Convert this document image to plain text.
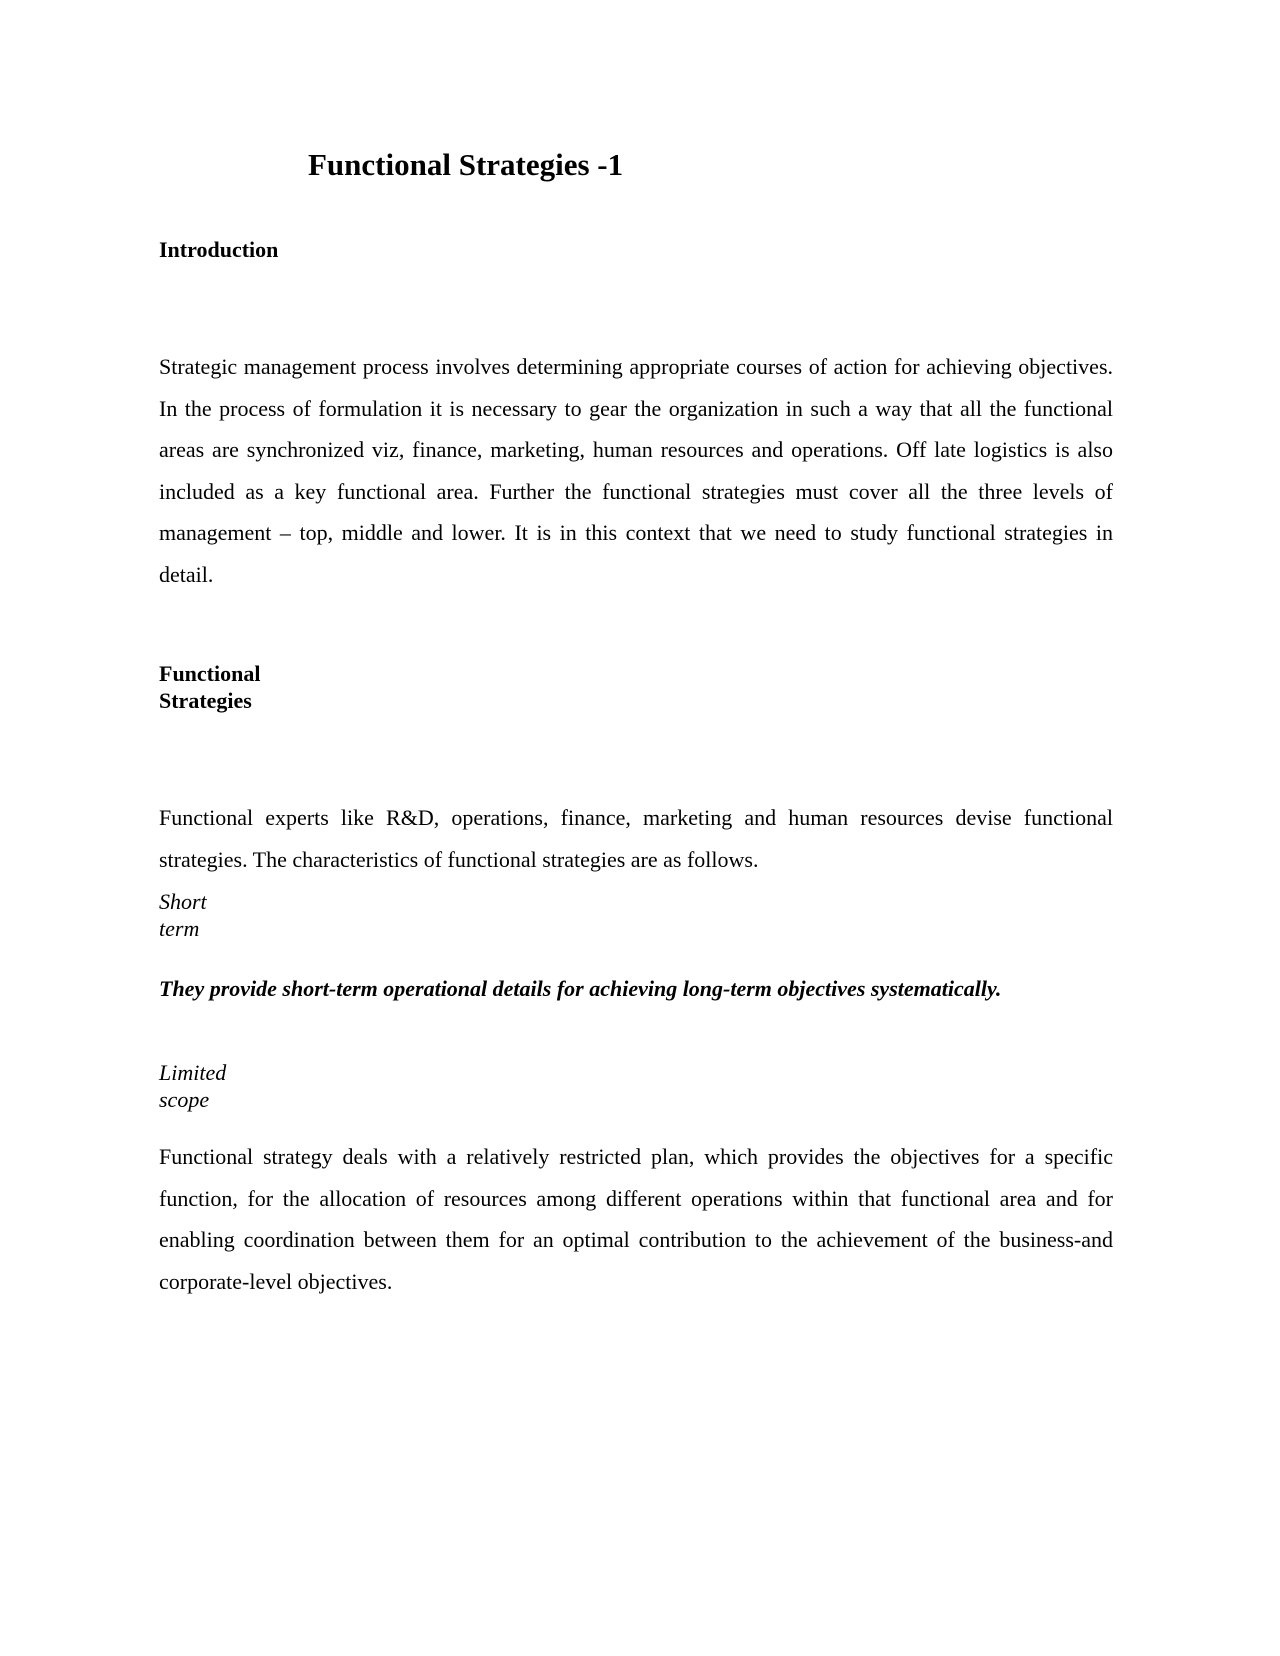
Functional Strategies -1
Introduction

Strategic management process involves determining appropriate courses of action for achieving objectives. In the process of formulation it is necessary to gear the organization in such a way that all the functional areas are synchronized viz, finance, marketing, human resources and operations. Off late logistics is also included as a key functional area. Further the functional strategies must cover all the three levels of management – top, middle and lower. It is in this context that we need to study functional strategies in detail.

Functional Strategies

Functional experts like R&D, operations, finance, marketing and human resources devise functional strategies. The characteristics of functional strategies are as follows.

Short term

They provide short-term operational details for achieving long-term objectives systematically.

Limited scope

Functional strategy deals with a relatively restricted plan, which provides the objectives for a specific function, for the allocation of resources among different operations within that functional area and for enabling coordination between them for an optimal contribution to the achievement of the business-and corporate-level objectives.
